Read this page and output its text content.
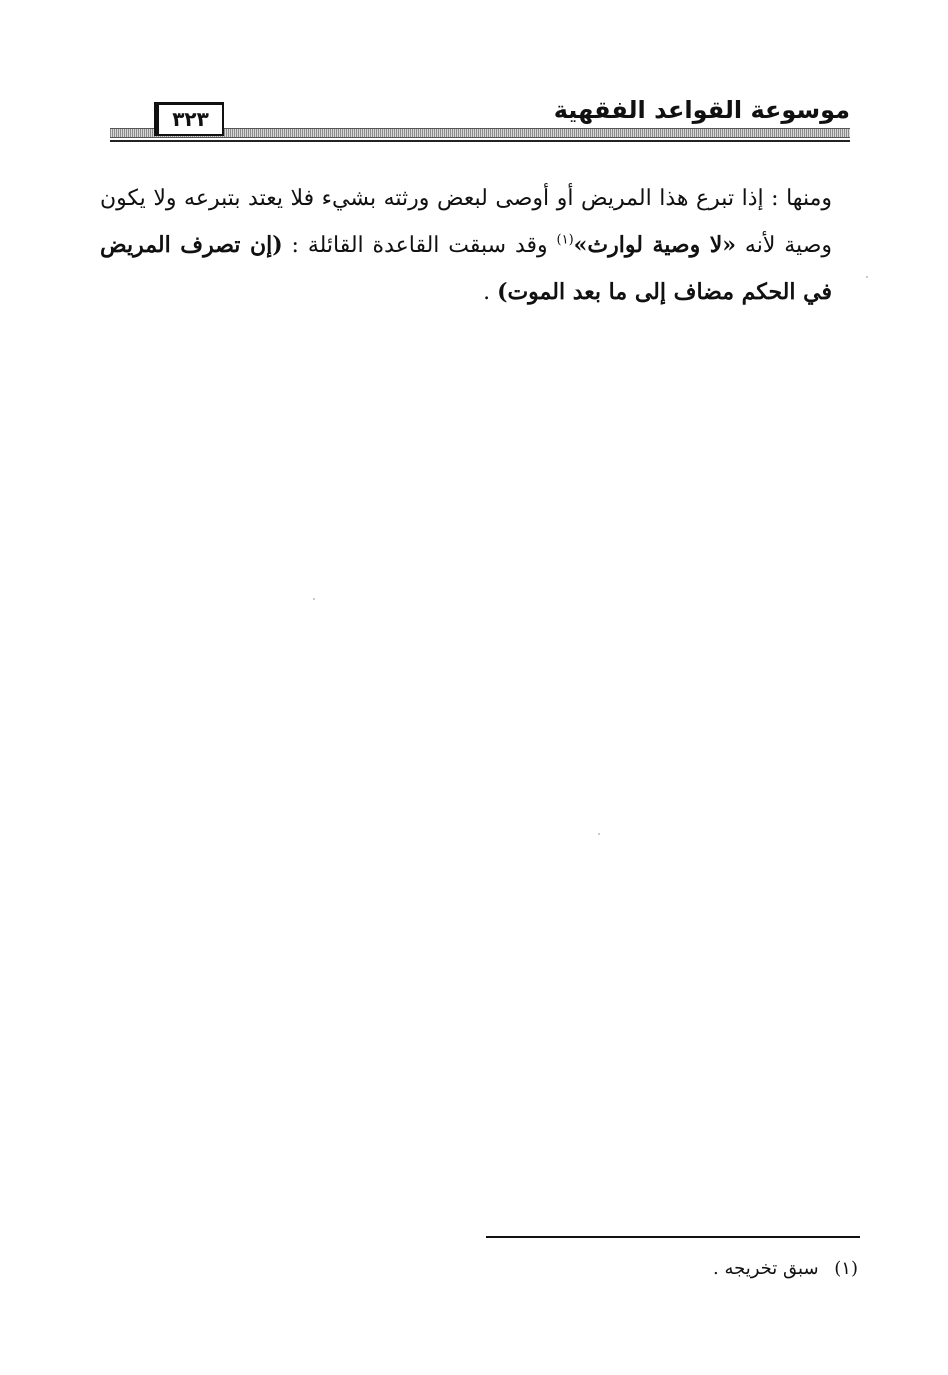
٣٢٣	موسوعة القواعد الفقهية
ومنها : إذا تبرع هذا المريض أو أوصى لبعض ورثته بشيء فلا يعتد بتبرعه ولا يكون وصية لأنه «لا وصية لوارث»$^{(١)}$ وقد سبقت القاعدة القائلة : (إن تصرف المريض في الحكم مضاف إلى ما بعد الموت) .
(١) سبق تخريجه .
